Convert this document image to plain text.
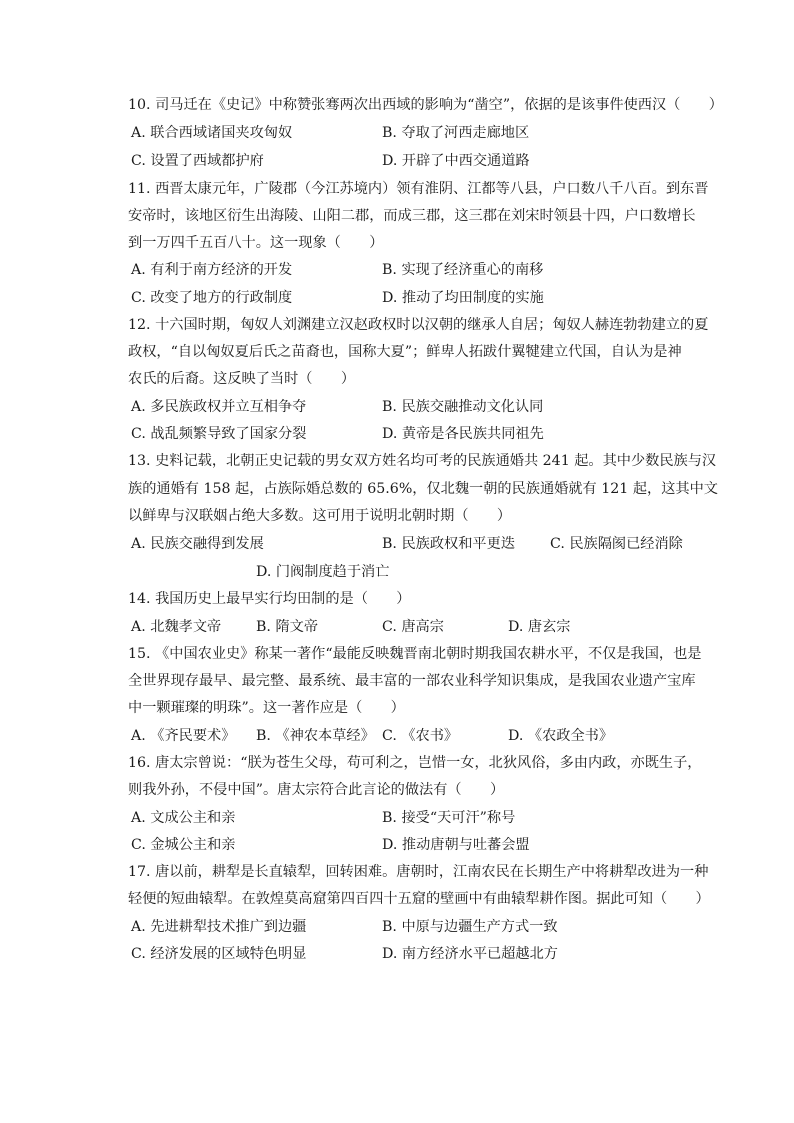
10. 司马迁在《史记》中称赞张骞两次出西域的影响为“凿空”，依据的是该事件使西汉（　　）
A. 联合西域诸国夹攻匈奴	B. 夺取了河西走廊地区
C. 设置了西域都护府	D. 开辟了中西交通道路
11. 西晋太康元年，广陵郡（今江苏境内）领有淮阴、江都等八县，户口数八千八百。到东晋
安帝时，该地区衍生出海陵、山阳二郡，而成三郡，这三郡在刘宋时领县十四，户口数增长
到一万四千五百八十。这一现象（　　）
A. 有利于南方经济的开发	B. 实现了经济重心的南移
C. 改变了地方的行政制度	D. 推动了均田制度的实施
12. 十六国时期，匈奴人刘渊建立汉赵政权时以汉朝的继承人自居；匈奴人赫连勃勃建立的夏
政权，“自以匈奴夏后氏之苗裔也，国称大夏”；鲜卑人拓跋什翼犍建立代国，自认为是神
农氏的后裔。这反映了当时（　　）
A. 多民族政权并立互相争夺	B. 民族交融推动文化认同
C. 战乱频繁导致了国家分裂	D. 黄帝是各民族共同祖先
13. 史料记载，北朝正史记载的男女双方姓名均可考的民族通婚共 241 起。其中少数民族与汉
族的通婚有 158 起，占族际婚总数的 65.6%，仅北魏一朝的民族通婚就有 121 起，这其中文
以鲜卑与汉联姻占绝大多数。这可用于说明北朝时期（　　）
A. 民族交融得到发展	B. 民族政权和平更迭 C. 民族隔阂已经消除
D. 门阀制度趋于消亡
14. 我国历史上最早实行均田制的是（　　）
A. 北魏孝文帝 B. 隋文帝	C. 唐高宗	D. 唐玄宗
15. 《中国农业史》称某一著作“最能反映魏晋南北朝时期我国农耕水平，不仅是我国，也是
全世界现存最早、最完整、最系统、最丰富的一部农业科学知识集成，是我国农业遗产宝库
中一颗璀璨的明珠”。这一著作应是（　　）
A. 《齐民要术》 B. 《神农本草经》 C. 《农书》	D. 《农政全书》
16. 唐太宗曾说：“朕为苍生父母，苟可利之，岂惜一女，北狄风俗，多由内政，亦既生子，
则我外孙，不侵中国”。唐太宗符合此言论的做法有（　　）
A. 文成公主和亲	B. 接受“天可汗”称号
C. 金城公主和亲	D. 推动唐朝与吐蕃会盟
17. 唐以前，耕犁是长直辕犁，回转困难。唐朝时，江南农民在长期生产中将耕犁改进为一种
轻便的短曲辕犁。在敦煌莫高窟第四百四十五窟的壁画中有曲辕犁耕作图。据此可知（　　）
A. 先进耕犁技术推广到边疆	B. 中原与边疆生产方式一致
C. 经济发展的区域特色明显	D. 南方经济水平已超越北方
